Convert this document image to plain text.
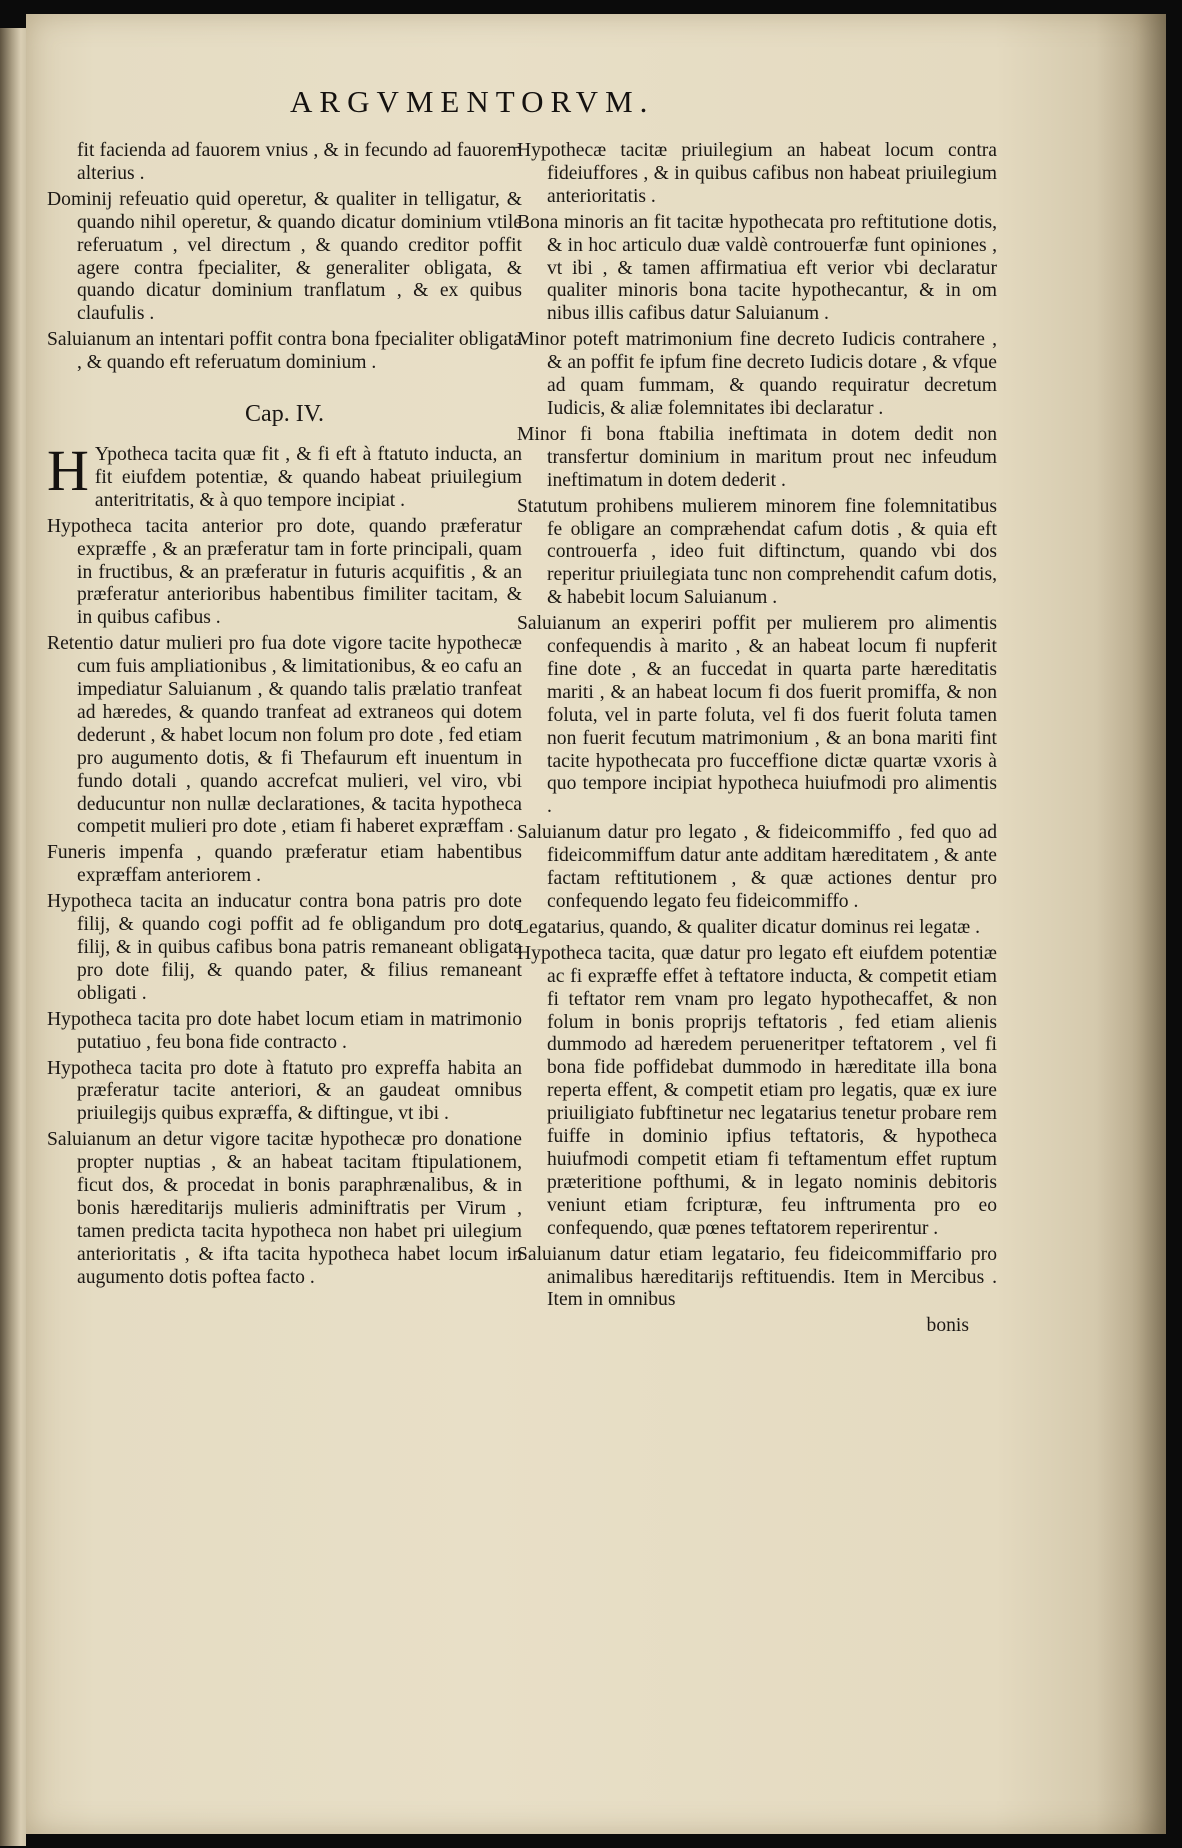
ARGVMENTORVM.

fit facienda ad fauorem vnius , & in fecundo ad fauorem alterius .

Dominij refeuatio quid operetur, & qualiter in telligatur, & quando nihil operetur, & quando dicatur dominium vtile referuatum , vel directum , & quando creditor poffit agere contra fpecialiter, & generaliter obligata, & quando dicatur dominium tranflatum , & ex quibus claufulis .

Saluianum an intentari poffit contra bona fpecialiter obligata , & quando eft referuatum dominium .

Cap. IV.

H Ypotheca tacita quæ fit , & fi eft à ftatuto inducta, an fit eiufdem potentiæ, & quando habeat priuilegium anteritritatis, & à quo tempore incipiat .

Hypotheca tacita anterior pro dote, quando præferatur expræffe , & an præferatur tam in forte principali, quam in fructibus, & an præferatur in futuris acquifitis , & an præferatur anterioribus habentibus fimiliter tacitam, & in quibus cafibus .

Retentio datur mulieri pro fua dote vigore tacite hypothecæ cum fuis ampliationibus , & limitationibus, & eo cafu an impediatur Saluianum , & quando talis prælatio tranfeat ad hæredes, & quando tranfeat ad extraneos qui dotem dederunt , & habet locum non folum pro dote , fed etiam pro augumento dotis, & fi Thefaurum eft inuentum in fundo dotali , quando accrefcat mulieri, vel viro, vbi deducuntur non nullæ declarationes, & tacita hypotheca competit mulieri pro dote , etiam fi haberet expræffam .

Funeris impenfa , quando præferatur etiam habentibus expræffam anteriorem .

Hypotheca tacita an inducatur contra bona patris pro dote filij, & quando cogi poffit ad fe obligandum pro dote filij, & in quibus cafibus bona patris remaneant obligata pro dote filij, & quando pater, & filius remaneant obligati .

Hypotheca tacita pro dote habet locum etiam in matrimonio putatiuo , feu bona fide contracto .

Hypotheca tacita pro dote à ftatuto pro expreffa habita an præferatur tacite anteriori, & an gaudeat omnibus priuilegijs quibus expræffa, & diftingue, vt ibi .

Saluianum an detur vigore tacitæ hypothecæ pro donatione propter nuptias , & an habeat tacitam ftipulationem, ficut dos, & procedat in bonis paraphrænalibus, & in bonis hæreditarijs mulieris adminiftratis per Virum , tamen predicta tacita hypotheca non habet pri uilegium anterioritatis , & ifta tacita hypotheca habet locum in augumento dotis poftea facto .

Hypothecæ tacitæ priuilegium an habeat locum contra fideiuffores , & in quibus cafibus non habeat priuilegium anterioritatis .

Bona minoris an fit tacitæ hypothecata pro reftitutione dotis, & in hoc articulo duæ valdè controuerfæ funt opiniones , vt ibi , & tamen affirmatiua eft verior vbi declaratur qualiter minoris bona tacite hypothecantur, & in om nibus illis cafibus datur Saluianum .

Minor poteft matrimonium fine decreto Iudicis contrahere , & an poffit fe ipfum fine decreto Iudicis dotare , & vfque ad quam fummam, & quando requiratur decretum Iudicis, & aliæ folemnitates ibi declaratur .

Minor fi bona ftabilia ineftimata in dotem dedit non transfertur dominium in maritum prout nec infeudum ineftimatum in dotem dederit .

Statutum prohibens mulierem minorem fine folemnitatibus fe obligare an compræhendat cafum dotis , & quia eft controuerfa , ideo fuit diftinctum, quando vbi dos reperitur priuilegiata tunc non comprehendit cafum dotis, & habebit locum Saluianum .

Saluianum an experiri poffit per mulierem pro alimentis confequendis à marito , & an habeat locum fi nupferit fine dote , & an fuccedat in quarta parte hæreditatis mariti , & an habeat locum fi dos fuerit promiffa, & non foluta, vel in parte foluta, vel fi dos fuerit foluta tamen non fuerit fecutum matrimonium , & an bona mariti fint tacite hypothecata pro fucceffione dictæ quartæ vxoris à quo tempore incipiat hypotheca huiufmodi pro alimentis .

Saluianum datur pro legato , & fideicommiffo , fed quo ad fideicommiffum datur ante additam hæreditatem , & ante factam reftitutionem , & quæ actiones dentur pro confequendo legato feu fideicommiffo .

Legatarius, quando, & qualiter dicatur dominus rei legatæ .

Hypotheca tacita, quæ datur pro legato eft eiufdem potentiæ ac fi expræffe effet à teftatore inducta, & competit etiam fi teftator rem vnam pro legato hypothecaffet, & non folum in bonis proprijs teftatoris , fed etiam alienis dummodo ad hæredem perueneritper teftatorem , vel fi bona fide poffidebat dummodo in hæreditate illa bona reperta effent, & competit etiam pro legatis, quæ ex iure priuiligiato fubftinetur nec legatarius tenetur probare rem fuiffe in dominio ipfius teftatoris, & hypotheca huiufmodi competit etiam fi teftamentum effet ruptum præteritione pofthumi, & in legato nominis debitoris veniunt etiam fcripturæ, feu inftrumenta pro eo confequendo, quæ pœnes teftatorem reperirentur .

Saluianum datur etiam legatario, feu fideicommiffario pro animalibus hæreditarijs reftituendis. Item in Mercibus . Item in omnibus

bonis
